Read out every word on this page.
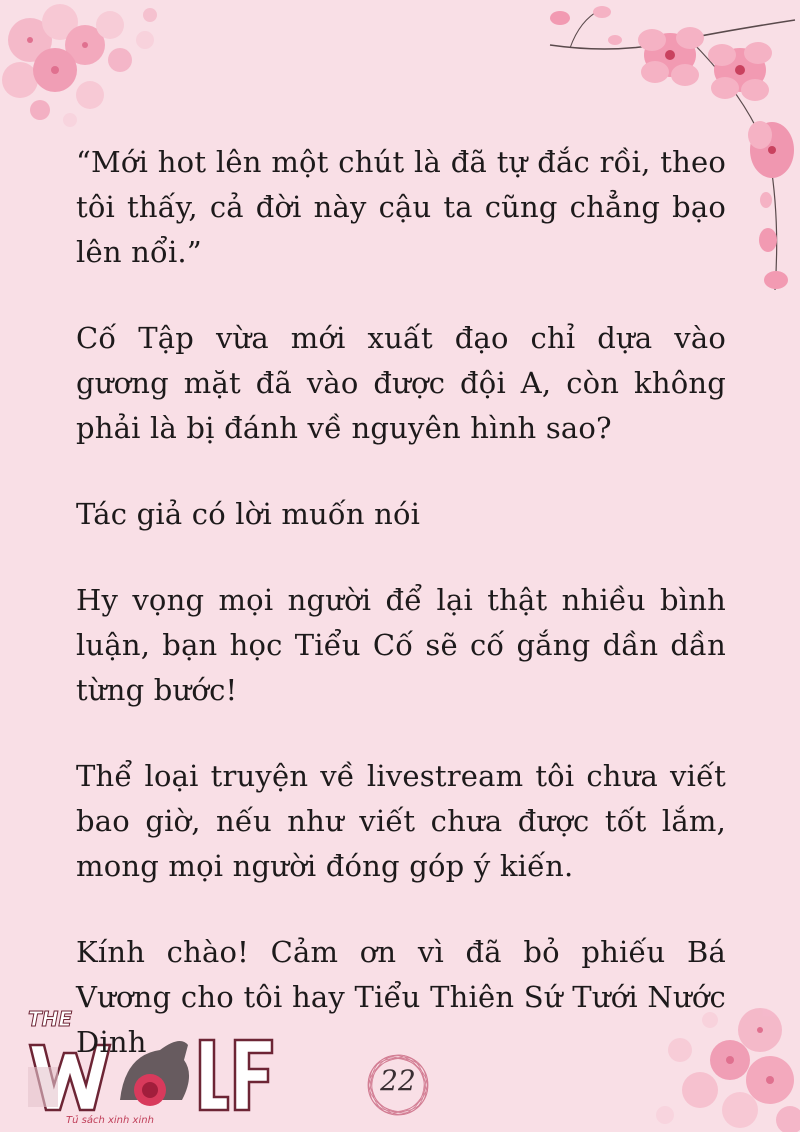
THE
Tủ sách xinh xinh

“Mới hot lên một chút là đã tự đắc rồi, theo tôi thấy, cả đời này cậu ta cũng chẳng bạo lên nổi.”

Cố Tập vừa mới xuất đạo chỉ dựa vào gương mặt đã vào được đội A, còn không phải là bị đánh về nguyên hình sao?

Tác giả có lời muốn nói

Hy vọng mọi người để lại thật nhiều bình luận, bạn học Tiểu Cố sẽ cố gắng dần dần từng bước!

Thể loại truyện về livestream tôi chưa viết bao giờ, nếu như viết chưa được tốt lắm, mong mọi người đóng góp ý kiến.

Kính chào! Cảm ơn vì đã bỏ phiếu Bá Vương cho tôi hay Tiểu Thiên Sứ Tưới Nước Dinh

22
